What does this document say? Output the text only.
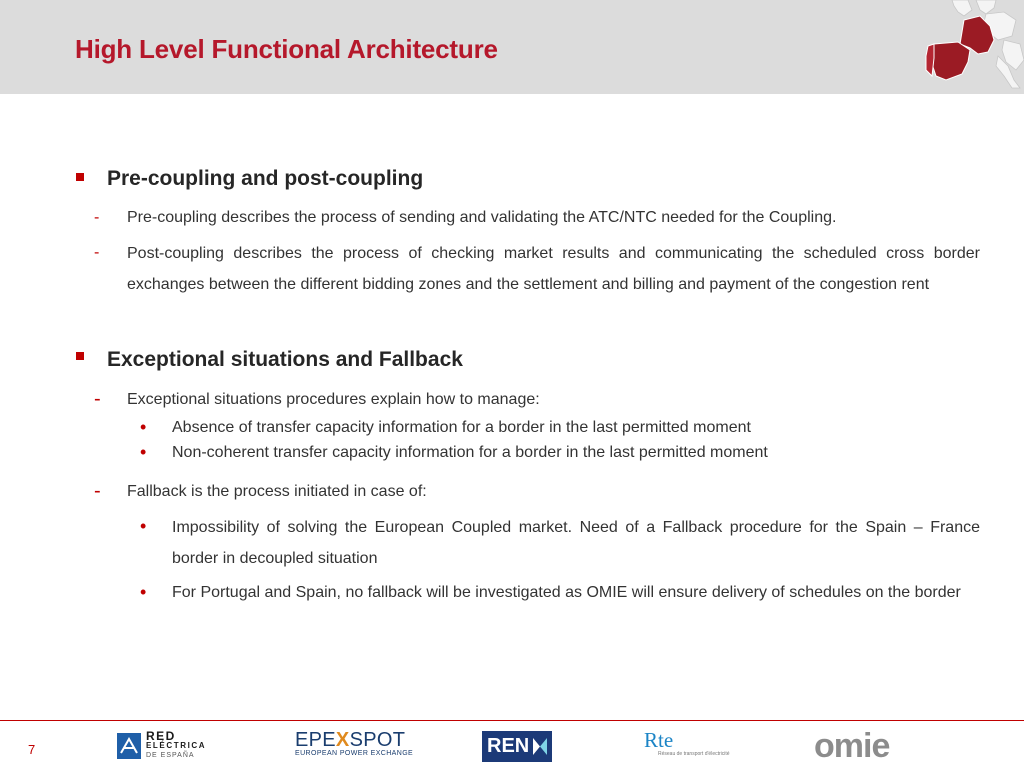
High Level Functional Architecture
Pre-coupling and post-coupling
- Pre-coupling describes the process of sending and validating the ATC/NTC needed for the Coupling.
- Post-coupling describes the process of checking market results and communicating the scheduled cross border exchanges between the different bidding zones and the settlement and billing and payment of the congestion rent
Exceptional situations and Fallback
- Exceptional situations procedures explain how to manage:
• Absence of transfer capacity information for a border in the last permitted moment
• Non-coherent transfer capacity information for a border in the last permitted moment
- Fallback is the process initiated in case of:
• Impossibility of solving the European Coupled market. Need of a Fallback procedure for the Spain – France border in decoupled situation
• For Portugal and Spain, no fallback will be investigated as OMIE will ensure delivery of schedules on the border
7
RED
ELÉCTRICA
DE ESPAÑA
EPEXSPOT
EUROPEAN POWER EXCHANGE	REN	Rte
Réseau de transport d'électricité omie
